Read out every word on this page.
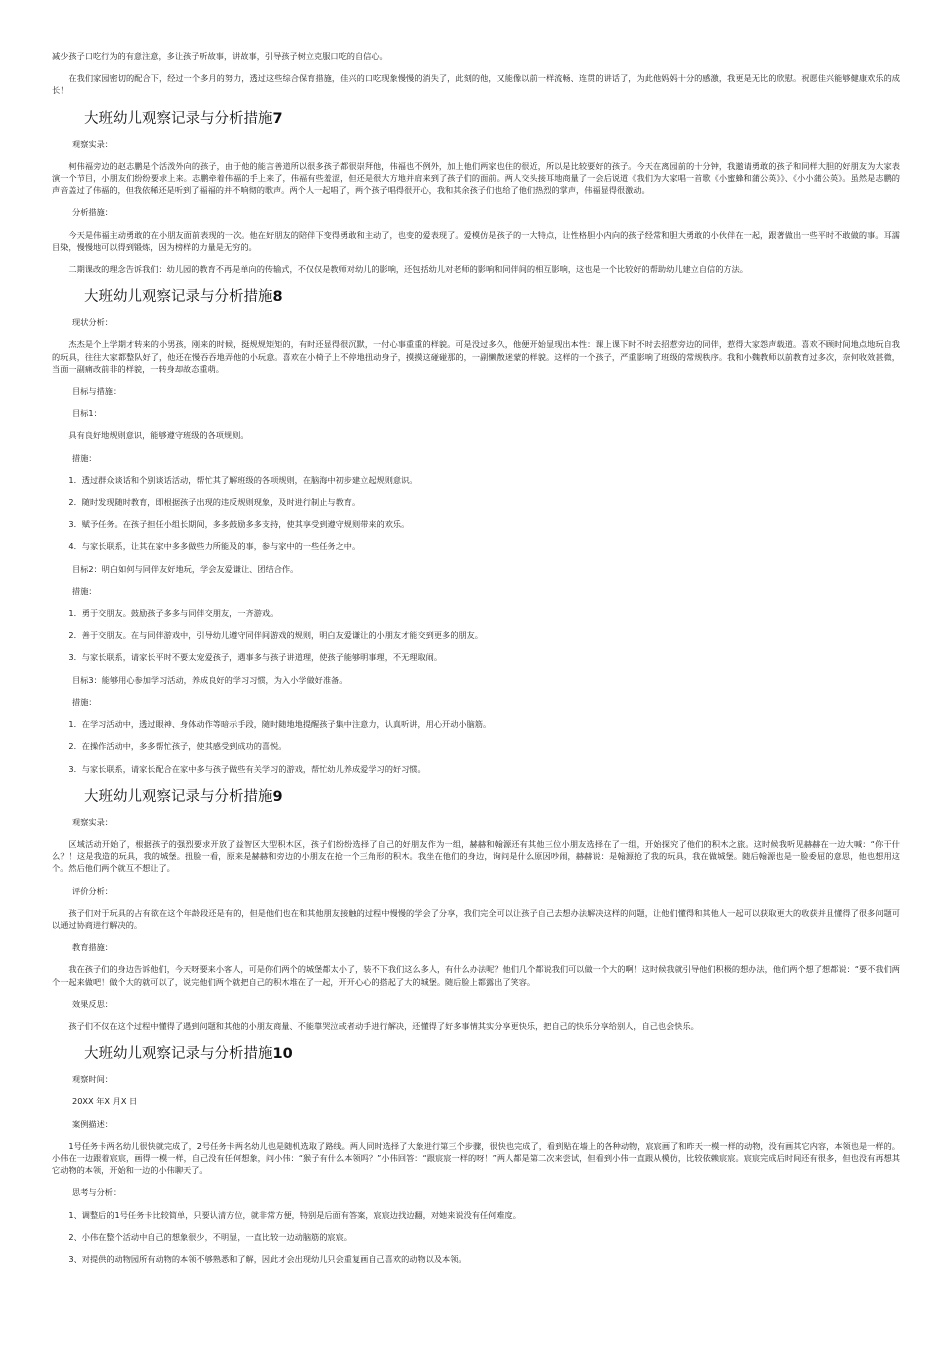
减少孩子口吃行为的有意注意，多让孩子听故事，讲故事，引导孩子树立克服口吃的自信心。

在我们家园密切的配合下，经过一个多月的努力，透过这些综合保育措施，佳兴的口吃现象慢慢的消失了，此刻的他，又能像以前一样流畅、连贯的讲话了，为此他妈妈十分的感激，我更是无比的欣慰。祝愿佳兴能够健康欢乐的成长！

大班幼儿观察记录与分析措施7

观察实录：

柯伟福旁边的赵志鹏是个活泼外向的孩子，由于他的能言善道所以很多孩子都很崇拜他，伟福也不例外，加上他们两家也住的很近，所以是比较要好的孩子。今天在离园前的十分钟，我邀请勇敢的孩子和同样大胆的好朋友为大家表演一个节目，小朋友们纷纷要求上来。志鹏牵着伟福的手上来了，伟福有些羞涩，但还是很大方地并肩来到了孩子们的面前。两人交头接耳地商量了一会后说道《我们为大家唱一首歌《小蜜蜂和蒲公英》》、《小小蒲公英》。虽然是志鹏的声音盖过了伟福的，但我依稀还是听到了福福的并不响彻的歌声。两个人一起唱了，两个孩子唱得很开心，我和其余孩子们也给了他们热烈的掌声，伟福显得很激动。

分析措施：

今天是伟福主动勇敢的在小朋友面前表现的一次。他在好朋友的陪伴下变得勇敢和主动了，也变的爱表现了。爱模仿是孩子的一大特点，让性格胆小内向的孩子经常和胆大勇敢的小伙伴在一起，跟著做出一些平时不敢做的事。耳濡目染，慢慢地可以得到锻炼，因为榜样的力量是无穷的。

二期课改的理念告诉我们：幼儿园的教育不再是单向的传输式，不仅仅是教师对幼儿的影响，还包括幼儿对老师的影响和同伴间的相互影响，这也是一个比较好的帮助幼儿建立自信的方法。

大班幼儿观察记录与分析措施8

现状分析：

杰杰是个上学期才转来的小男孩，刚来的时候，挺规规矩矩的，有时还显得很沉默，一付心事重重的样貌。可是没过多久，他便开始显现出本性：课上课下时不时去招惹旁边的同伴，惹得大家怨声载道。喜欢不顾时间地点地玩自我的玩具，往往大家都整队好了，他还在慢吞吞地弄他的小玩意。喜欢在小椅子上不停地扭动身子，摸摸这碰碰那的，一副懒散迷蒙的样貌。这样的一个孩子，严重影响了班级的常规秩序。我和小魏教师以前教育过多次，奈何收效甚微，当面一副痛改前非的样貌，一转身却故态重萌。

目标与措施：

目标1：

具有良好地规则意识，能够遵守班级的各项规则。

措施：

1．透过群众谈话和个别谈话活动，帮忙其了解班级的各项规则，在脑海中初步建立起规则意识。

2．随时发现随时教育，即根据孩子出现的违反规则现象，及时进行制止与教育。

3．赋予任务。在孩子担任小组长期间，多多鼓励多多支持，使其享受到遵守规则带来的欢乐。

4．与家长联系，让其在家中多多做些力所能及的事，参与家中的一些任务之中。

目标2：明白如何与同伴友好地玩，学会友爱谦让、团结合作。

措施：

1．勇于交朋友。鼓励孩子多多与同伴交朋友，一齐游戏。

2．善于交朋友。在与同伴游戏中，引导幼儿遵守同伴间游戏的规则，明白友爱谦让的小朋友才能交到更多的朋友。

3．与家长联系，请家长平时不要太宠爱孩子，遇事多与孩子讲道理，使孩子能够明事理，不无理取闹。

目标3：能够用心参加学习活动，养成良好的学习习惯，为入小学做好准备。

措施：

1．在学习活动中，透过眼神、身体动作等暗示手段，随时随地地提醒孩子集中注意力，认真听讲，用心开动小脑筋。

2．在操作活动中，多多帮忙孩子，使其感受到成功的喜悦。

3．与家长联系，请家长配合在家中多与孩子做些有关学习的游戏，帮忙幼儿养成爱学习的好习惯。

大班幼儿观察记录与分析措施9

观察实录：

区域活动开始了，根据孩子的强烈要求开放了益智区大型积木区，孩子们纷纷选择了自己的好朋友作为一组，赫赫和翰源还有其他三位小朋友选择在了一组，开始探究了他们的积木之旅。这时候我听见赫赫在一边大喊：“你干什么？！这是我造的玩具，我的城堡。扭脸一看，原来是赫赫和旁边的小朋友在抢一个三角形的积木。我坐在他们的身边，询问是什么原因吵闹，赫赫说：是翰源抢了我的玩具，我在做城堡。随后翰源也是一脸委屈的意思，他也想用这个。然后他们两个就互不想让了。

评价分析：

孩子们对于玩具的占有欲在这个年龄段还是有的，但是他们也在和其他朋友接触的过程中慢慢的学会了分享，我们完全可以让孩子自己去想办法解决这样的问题，让他们懂得和其他人一起可以获取更大的收获并且懂得了很多问题可以通过协商进行解决的。

教育措施：

我在孩子们的身边告诉他们，今天呀要来小客人，可是你们两个的城堡都太小了，装不下我们这么多人，有什么办法呢？他们几个都说我们可以做一个大的啊！这时候我就引导他们积极的想办法，他们两个想了想都说：“要不我们两个一起来做吧！做个大的就可以了，说完他们两个就把自己的积木堆在了一起，开开心心的搭起了大的城堡。随后脸上都露出了笑容。

效果反思：

孩子们不仅在这个过程中懂得了遇到问题和其他的小朋友商量、不能靠哭泣或者动手进行解决，还懂得了好多事情其实分享更快乐，把自己的快乐分享给别人，自己也会快乐。

大班幼儿观察记录与分析措施10

观察时间：

20XX 年X 月X 日

案例描述：

1号任务卡两名幼儿很快就完成了，2号任务卡两名幼儿也是随机选取了路线。两人同时选择了大象进行第三个步骤，很快也完成了，看到贴在墙上的各种动物，宸宸画了和昨天一模一样的动物，没有画其它内容，本领也是一样的。小伟在一边跟着宸宸，画得一模一样，自己没有任何想象，问小伟：“猴子有什么本领吗？”小伟回答：“跟宸宸一样的呀！”两人都是第二次来尝试，但看到小伟一直跟从模仿，比较依赖宸宸。宸宸完成后时间还有很多，但也没有再想其它动物的本领，开始和一边的小伟聊天了。

思考与分析：

1、调整后的1号任务卡比较简单，只要认清方位，就非常方便，特别是后面有答案，宸宸边找边翻，对她来说没有任何难度。

2、小伟在整个活动中自己的想象很少，不明显，一直比较一边动脑筋的宸宸。

3、对提供的动物园所有动物的本领不够熟悉和了解，因此才会出现幼儿只会重复画自己喜欢的动物以及本领。
